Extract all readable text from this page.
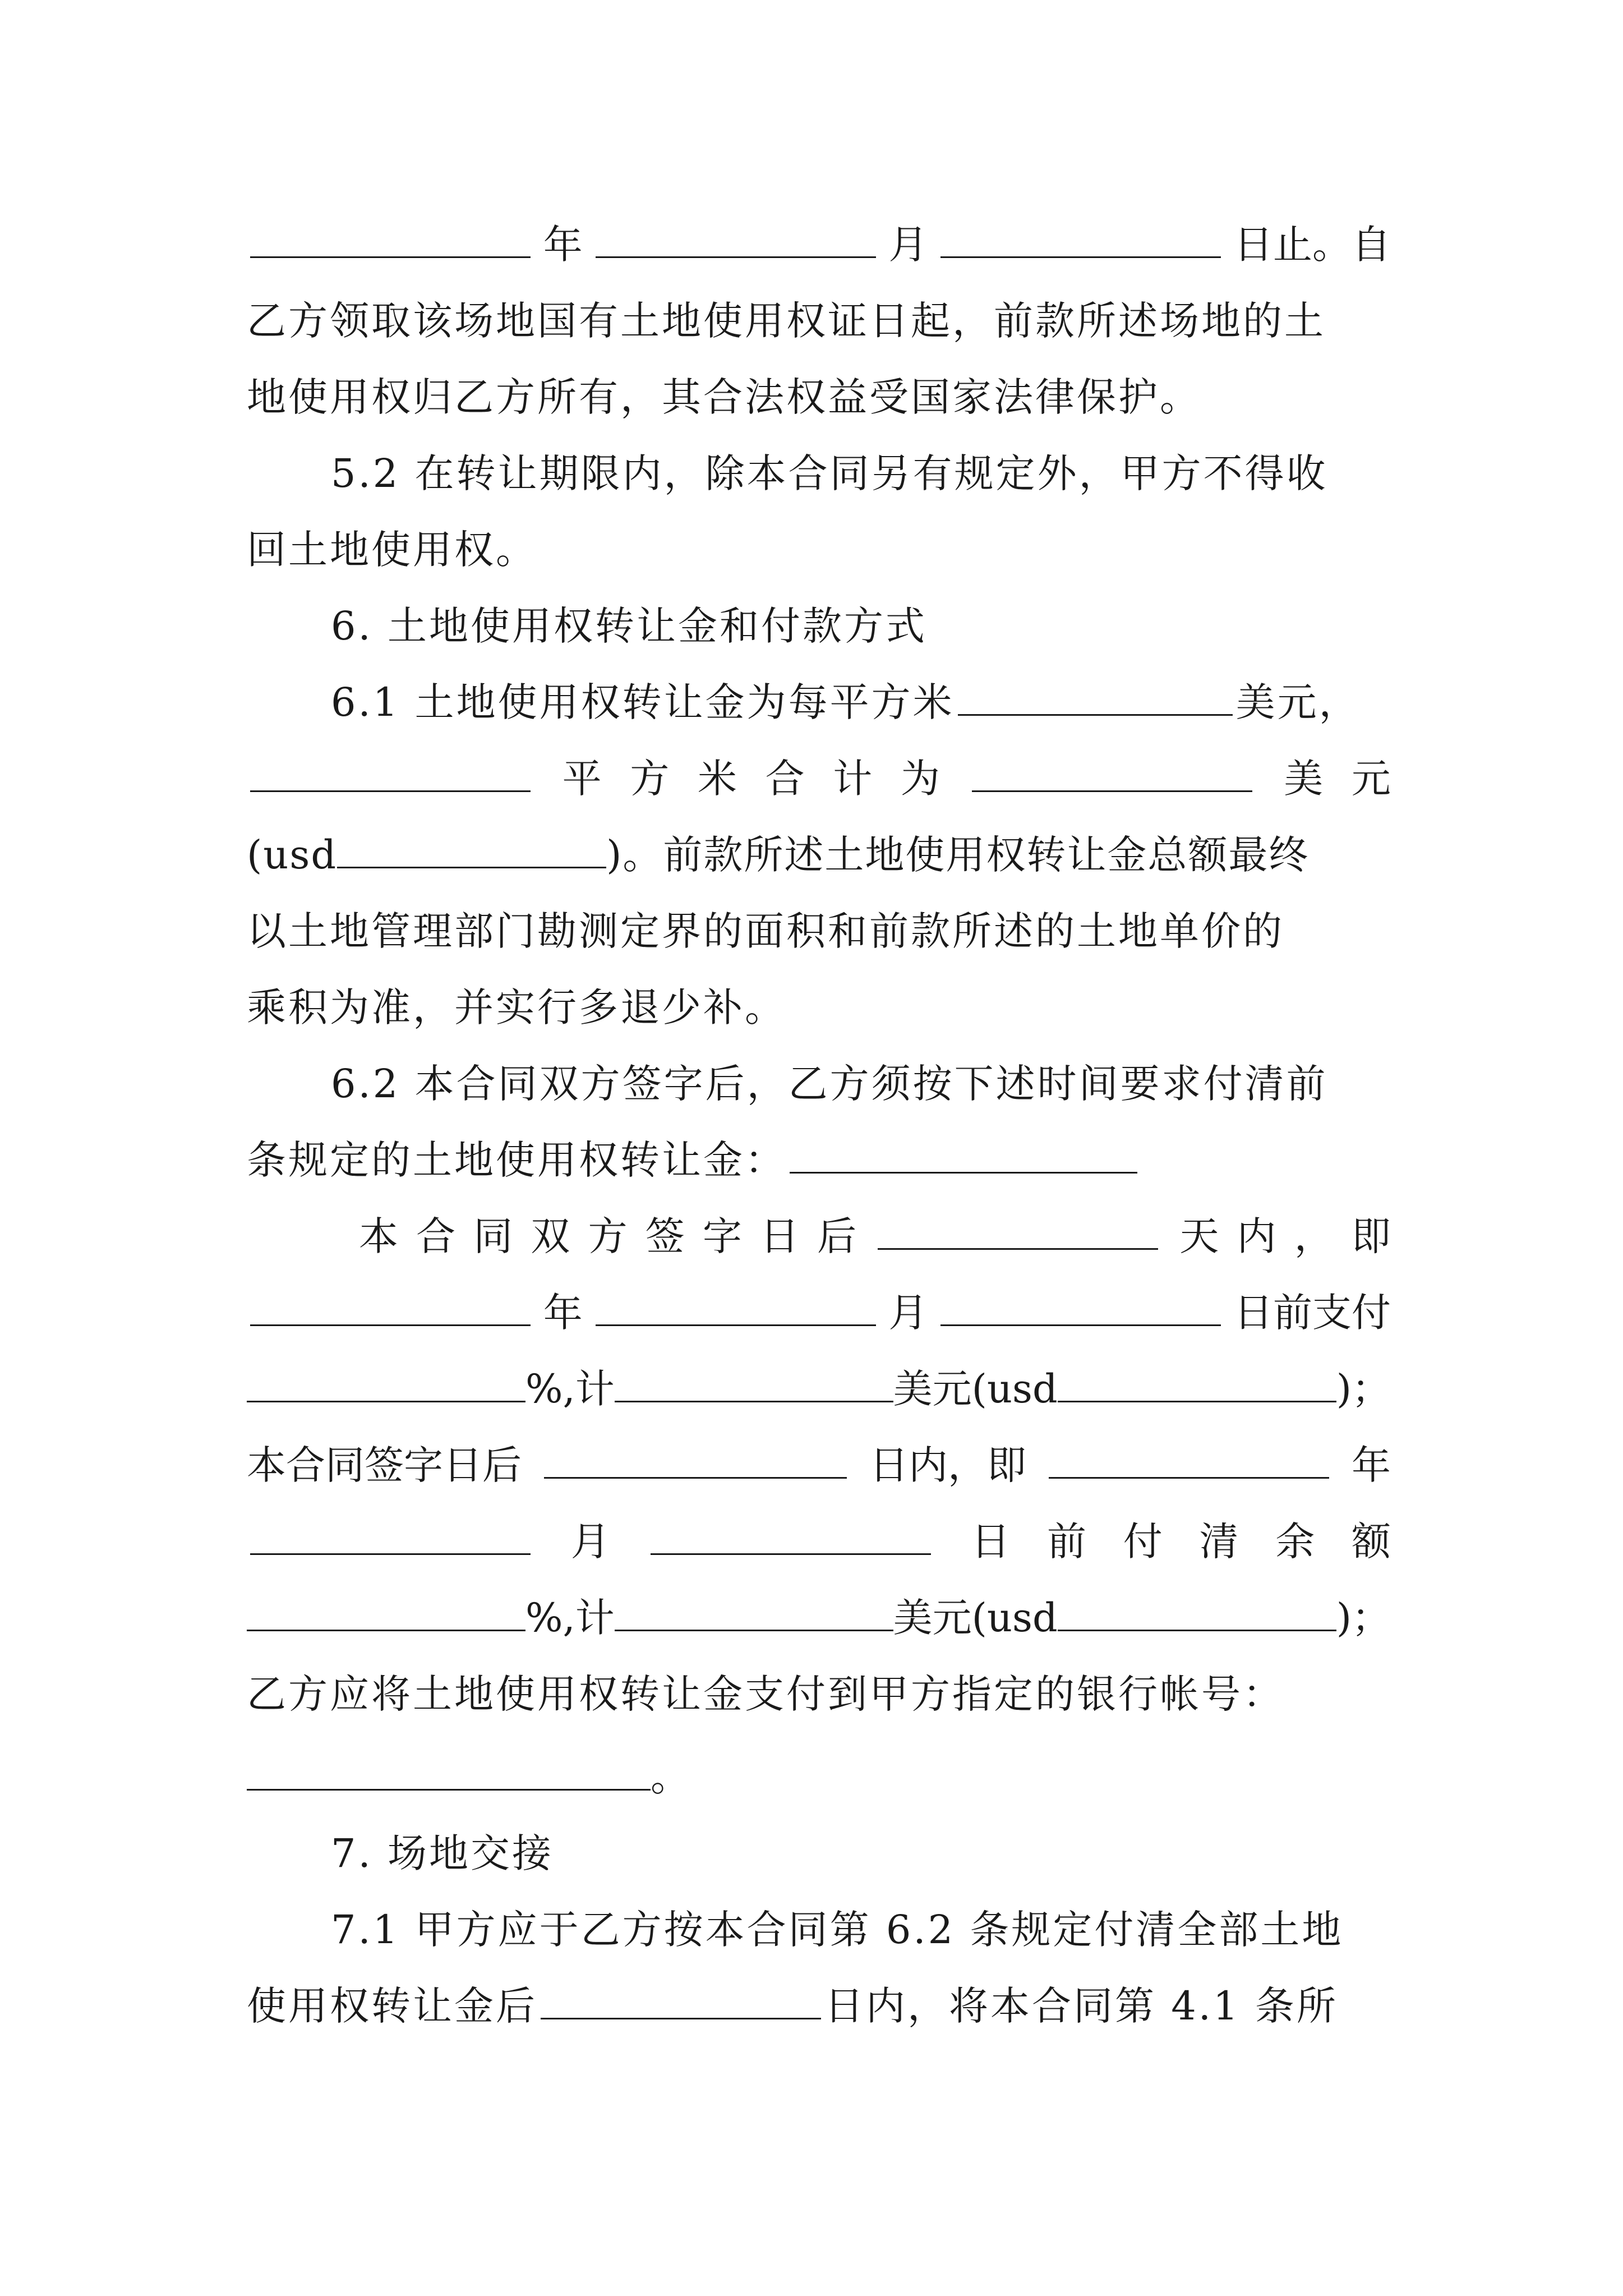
年	月	日止。自
乙方领取该场地国有土地使用权证日起，前款所述场地的土
地使用权归乙方所有，其合法权益受国家法律保护。
5.2 在转让期限内，除本合同另有规定外，甲方不得收
回土地使用权。
6. 土地使用权转让金和付款方式
6.1 土地使用权转让金为每平方米	美元，
平 方 米 合 计 为	美 元
(usd	)。前款所述土地使用权转让金总额最终
以土地管理部门勘测定界的面积和前款所述的土地单价的
乘积为准，并实行多退少补。
6.2 本合同双方签字后，乙方须按下述时间要求付清前
条规定的土地使用权转让金：
本 合 同 双 方 签 字 日 后	天 内 ， 即
年	月	日前支付
%,计	美元(usd	)；
本合同签字日后	日内，即	年
月	日 前 付 清 余 额
%,计	美元(usd	)；
乙方应将土地使用权转让金支付到甲方指定的银行帐号：
。
7. 场地交接
7.1 甲方应于乙方按本合同第 6.2 条规定付清全部土地
使用权转让金后	日内，将本合同第 4.1 条所
